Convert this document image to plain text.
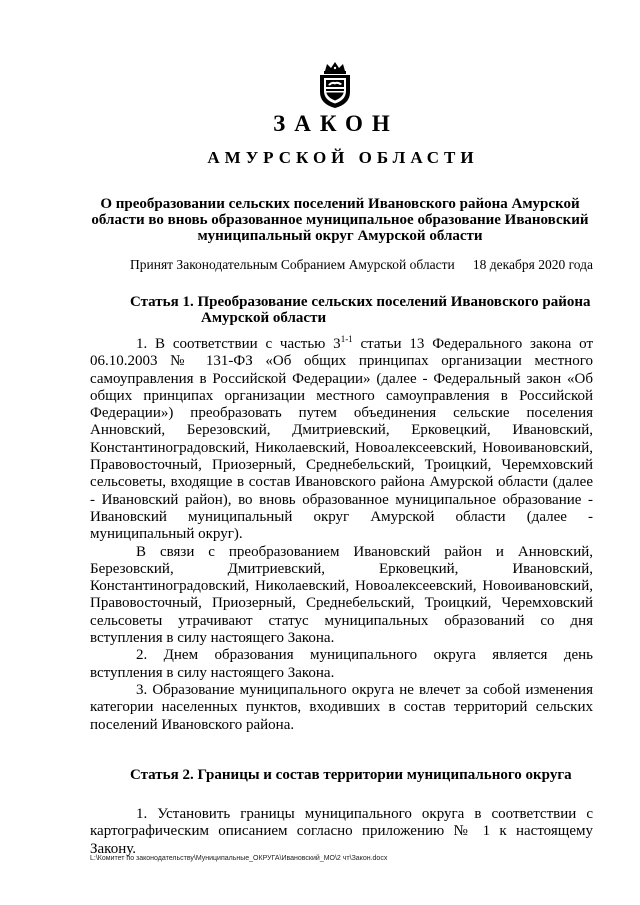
ЗАКОН
АМУРСКОЙ ОБЛАСТИ
О преобразовании сельских поселений Ивановского района Амурской области во вновь образованное муниципальное образование Ивановский муниципальный округ Амурской области
Принят Законодательным Собранием Амурской области 18 декабря 2020 года
Статья 1. Преобразование сельских поселений Ивановского района
Амурской области

1. В соответствии с частью 3$^{1-1}$ статьи 13 Федерального закона от 06.10.2003 № 131-ФЗ «Об общих принципах организации местного самоуправления в Российской Федерации» (далее - Федеральный закон «Об общих принципах организации местного самоуправления в Российской Федерации») преобразовать путем объединения сельские поселения Анновский, Березовский, Дмитриевский, Ерковецкий, Ивановский, Константиноградовский, Николаевский, Новоалексеевский, Новоивановский, Правовосточный, Приозерный, Среднебельский, Троицкий, Черемховский сельсоветы, входящие в состав Ивановского района Амурской области (далее - Ивановский район), во вновь образованное муниципальное образование - Ивановский муниципальный округ Амурской области (далее - муниципальный округ).

В связи с преобразованием Ивановский район и Анновский, Березовский, Дмитриевский, Ерковецкий, Ивановский, Константиноградовский, Николаевский, Новоалексеевский, Новоивановский, Правовосточный, Приозерный, Среднебельский, Троицкий, Черемховский сельсоветы утрачивают статус муниципальных образований со дня вступления в силу настоящего Закона.

2. Днем образования муниципального округа является день вступления в силу настоящего Закона.

3. Образование муниципального округа не влечет за собой изменения категории населенных пунктов, входивших в состав территорий сельских поселений Ивановского района.

Статья 2. Границы и состав территории муниципального округа

1. Установить границы муниципального округа в соответствии с картографическим описанием согласно приложению № 1 к настоящему Закону.

L:\Комитет по законодательству\Муниципальные_ОКРУГА\Ивановский_МО\2 чт\Закон.docx
